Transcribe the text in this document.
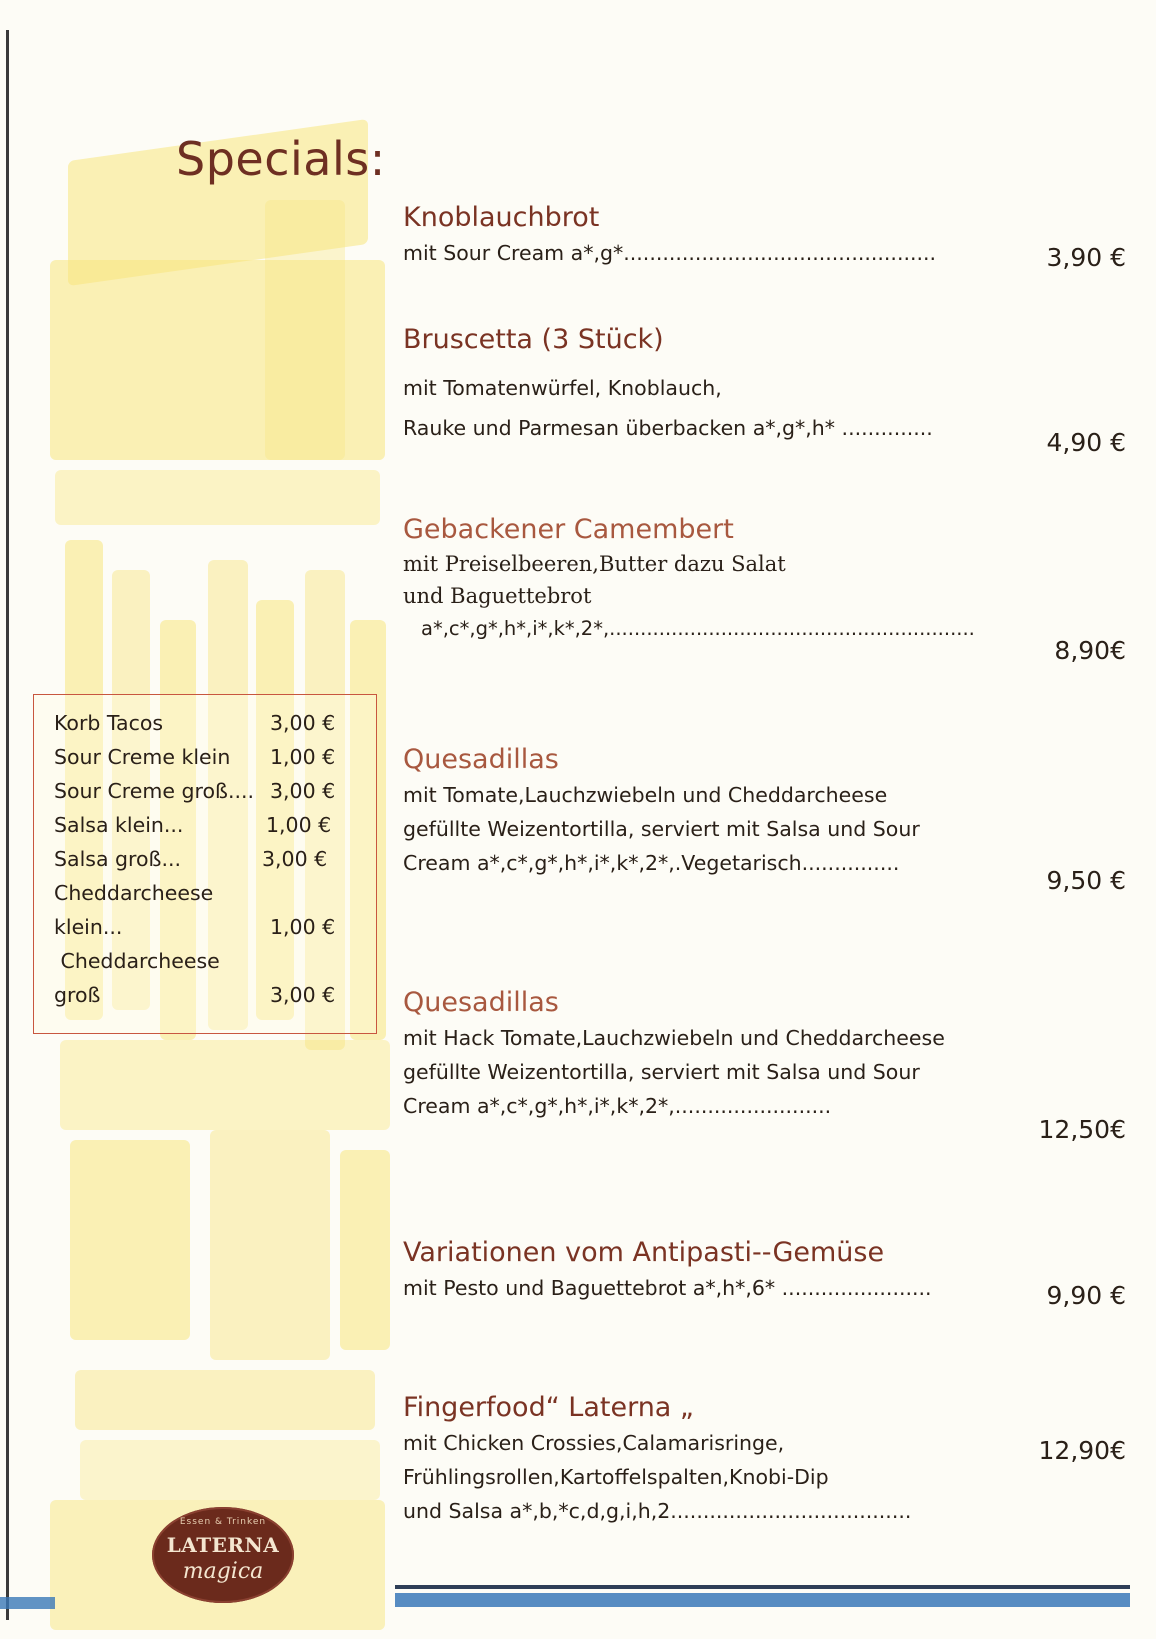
Specials:
Knoblauchbrot
mit Sour Cream a*,g*................................................	3,90 €
Bruscetta (3 Stück)
mit Tomatenwürfel, Knoblauch,
Rauke und Parmesan überbacken a*,g*,h* ..............	4,90 €
Gebackener Camembert
mit Preiselbeeren,Butter dazu Salat
und Baguettebrot
a*,c*,g*,h*,i*,k*,2*,...........................................................
8,90€
Quesadillas
mit Tomate,Lauchzwiebeln und Cheddarcheese
gefüllte Weizentortilla, serviert mit Salsa und Sour
Cream a*,c*,g*,h*,i*,k*,2*,.Vegetarisch...............
9,50 €
Quesadillas
mit Hack Tomate,Lauchzwiebeln und Cheddarcheese
gefüllte Weizentortilla, serviert mit Salsa und Sour
Cream a*,c*,g*,h*,i*,k*,2*,........................
12,50€
Variationen vom Antipasti--Gemüse
mit Pesto und Baguettebrot a*,h*,6* .......................	9,90 €
Fingerfood“ Laterna „
mit Chicken Crossies,Calamarisringe,
Frühlingsrollen,Kartoffelspalten,Knobi-Dip
und Salsa a*,b,*c,d,g,i,h,2.....................................
12,90€
Korb Tacos	3,00 €
Sour Creme klein 1,00 €
Sour Creme groß.... 3,00 €
Salsa klein...	1,00 €
Salsa groß...	3,00 €
Cheddarcheese
klein...	1,00 €
Cheddarcheese
groß	3,00 €
Essen & Trinken
LATERNA
magica
